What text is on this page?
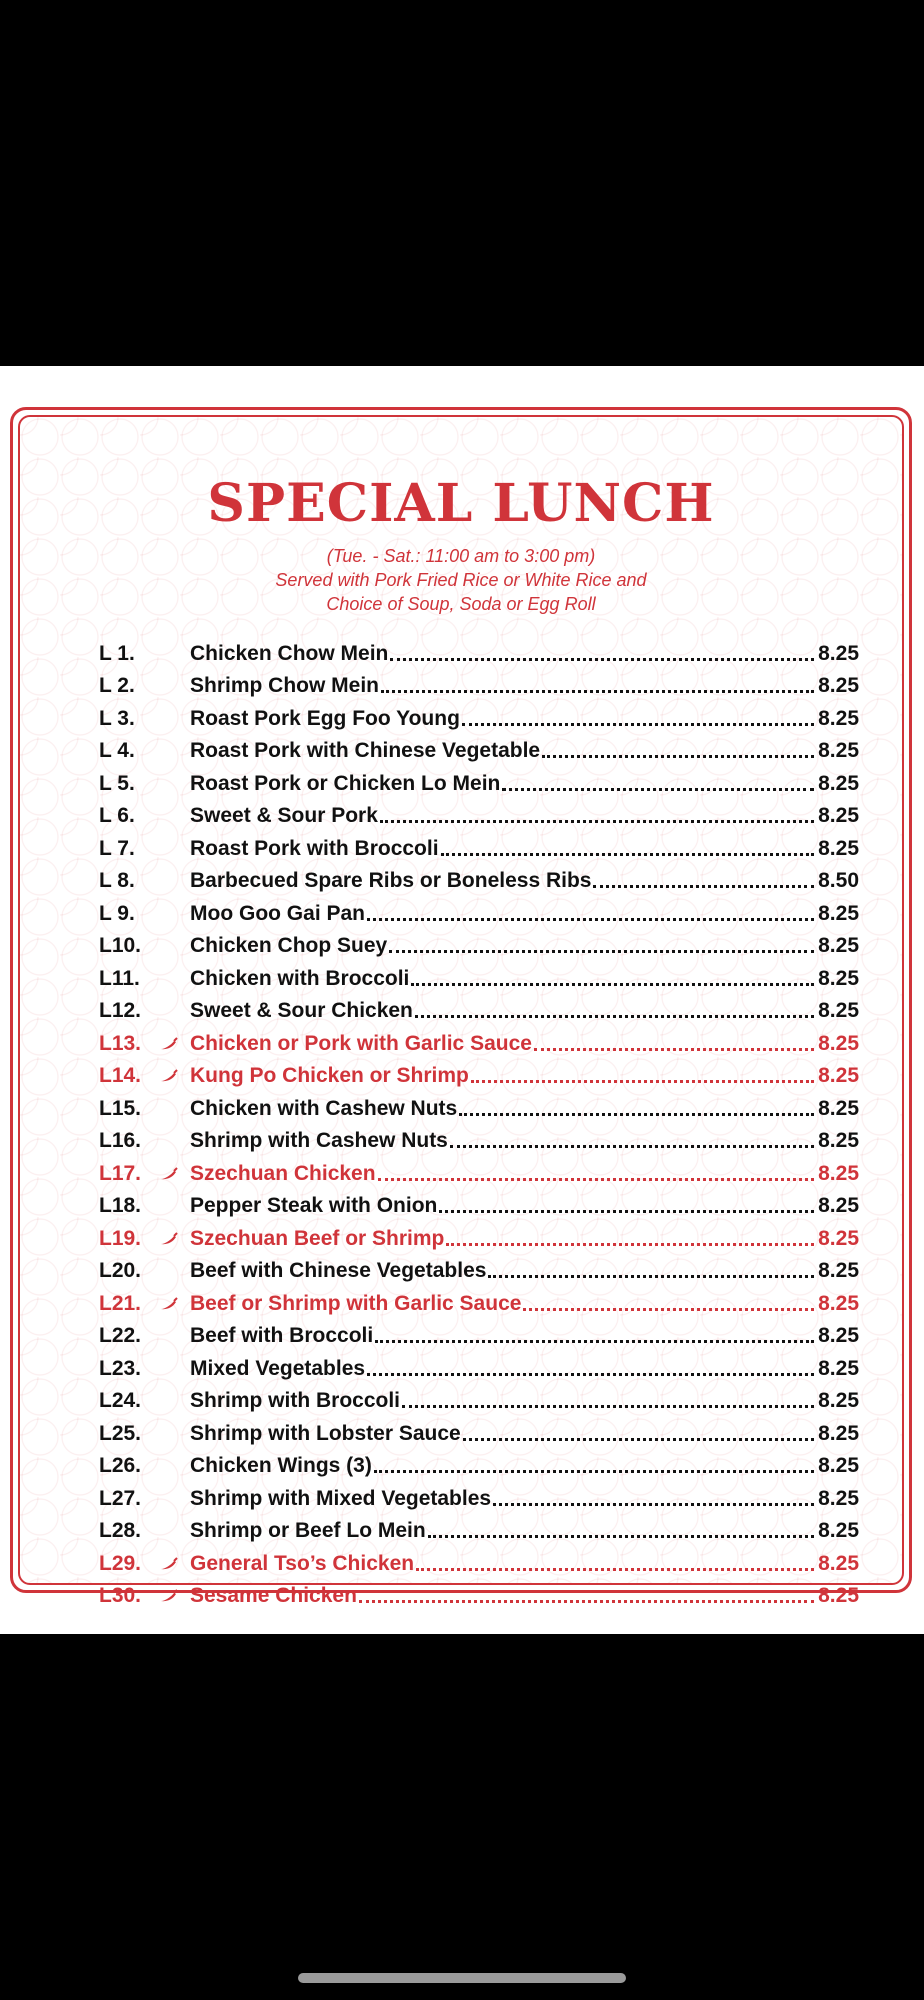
SPECIAL LUNCH
(Tue. - Sat.: 11:00 am to 3:00 pm)
Served with Pork Fried Rice or White Rice and
Choice of Soup, Soda or Egg Roll
L 1.	Chicken Chow Mein	8.25
L 2.	Shrimp Chow Mein	8.25
L 3.	Roast Pork Egg Foo Young	8.25
L 4.	Roast Pork with Chinese Vegetable	8.25
L 5.	Roast Pork or Chicken Lo Mein	8.25
L 6.	Sweet & Sour Pork	8.25
L 7.	Roast Pork with Broccoli	8.25
L 8.	Barbecued Spare Ribs or Boneless Ribs	8.50
L 9.	Moo Goo Gai Pan	8.25
L10.	Chicken Chop Suey	8.25
L11.	Chicken with Broccoli	8.25
L12.	Sweet & Sour Chicken	8.25
L13.	Chicken or Pork with Garlic Sauce	8.25
L14.	Kung Po Chicken or Shrimp	8.25
L15.	Chicken with Cashew Nuts	8.25
L16.	Shrimp with Cashew Nuts	8.25
L17.	Szechuan Chicken	8.25
L18.	Pepper Steak with Onion	8.25
L19.	Szechuan Beef or Shrimp	8.25
L20.	Beef with Chinese Vegetables	8.25
L21.	Beef or Shrimp with Garlic Sauce	8.25
L22.	Beef with Broccoli	8.25
L23.	Mixed Vegetables	8.25
L24.	Shrimp with Broccoli	8.25
L25.	Shrimp with Lobster Sauce	8.25
L26.	Chicken Wings (3)	8.25
L27.	Shrimp with Mixed Vegetables	8.25
L28.	Shrimp or Beef Lo Mein	8.25
L29.	General Tso’s Chicken	8.25
L30.	Sesame Chicken	8.25
